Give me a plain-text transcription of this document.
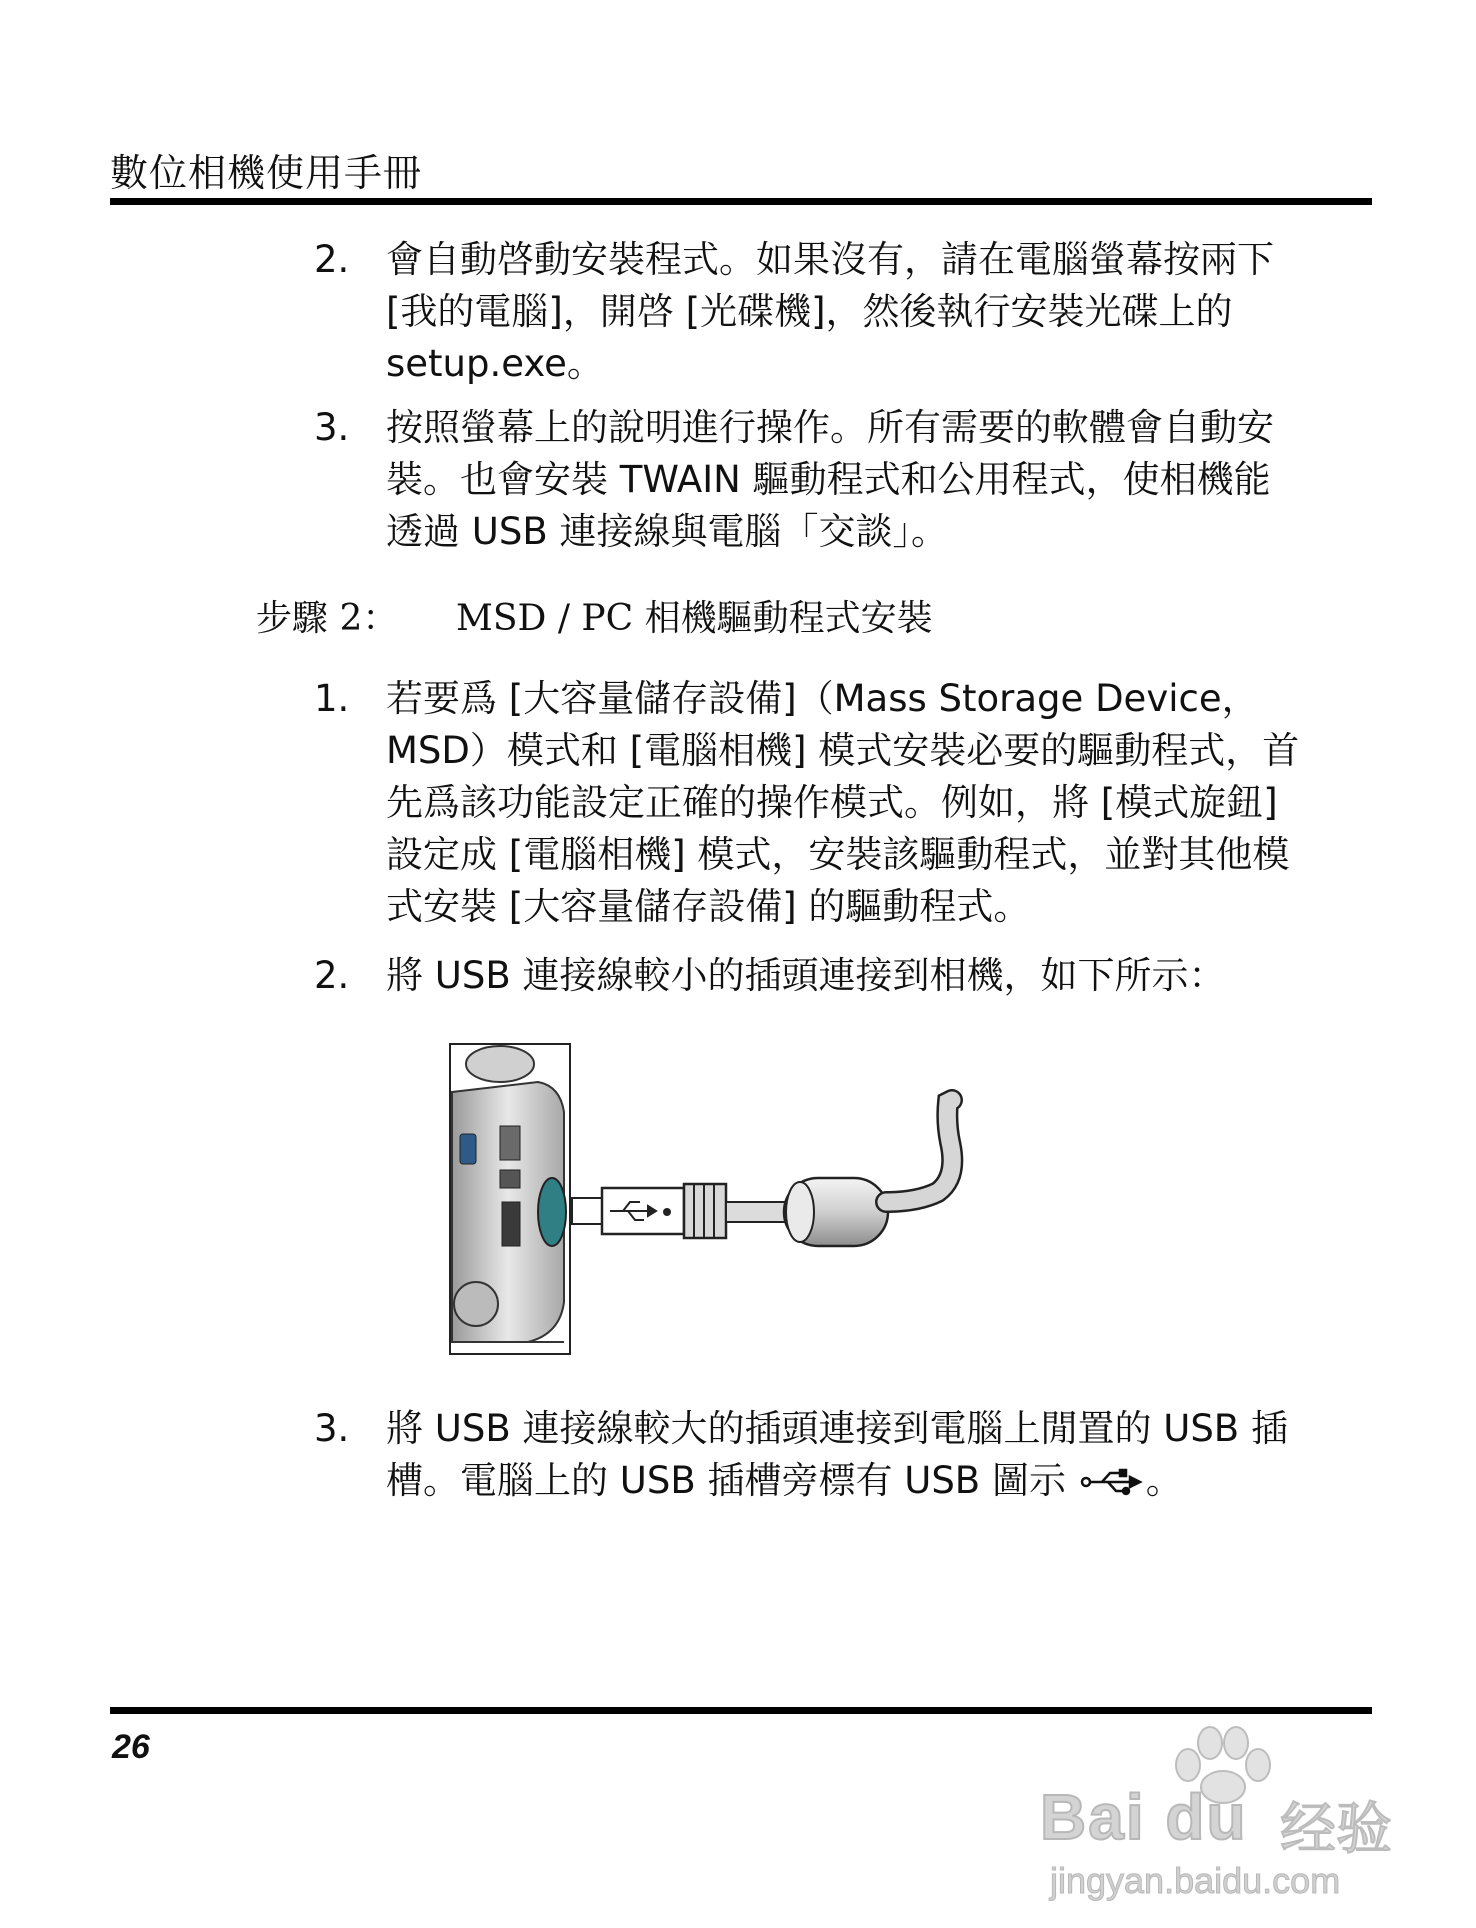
數位相機使用手冊
2. 會自動啓動安裝程式。如果沒有，請在電腦螢幕按兩下
[我的電腦]，開啓 [光碟機]，然後執行安裝光碟上的
setup.exe。
3. 按照螢幕上的說明進行操作。所有需要的軟體會自動安
裝。也會安裝 TWAIN 驅動程式和公用程式，使相機能
透過 USB 連接線與電腦「交談」。
步驟 2： MSD / PC 相機驅動程式安裝
1. 若要爲 [大容量儲存設備]（Mass Storage Device，
MSD）模式和 [電腦相機] 模式安裝必要的驅動程式，首
先爲該功能設定正確的操作模式。例如，將 [模式旋鈕]
設定成 [電腦相機] 模式，安裝該驅動程式，並對其他模
式安裝 [大容量儲存設備] 的驅動程式。
2. 將 USB 連接線較小的插頭連接到相機，如下所示：
3. 將 USB 連接線較大的插頭連接到電腦上閒置的 USB 插
槽。電腦上的 USB 插槽旁標有 USB 圖示 。
26
Bai du 经验
jingyan.baidu.com
